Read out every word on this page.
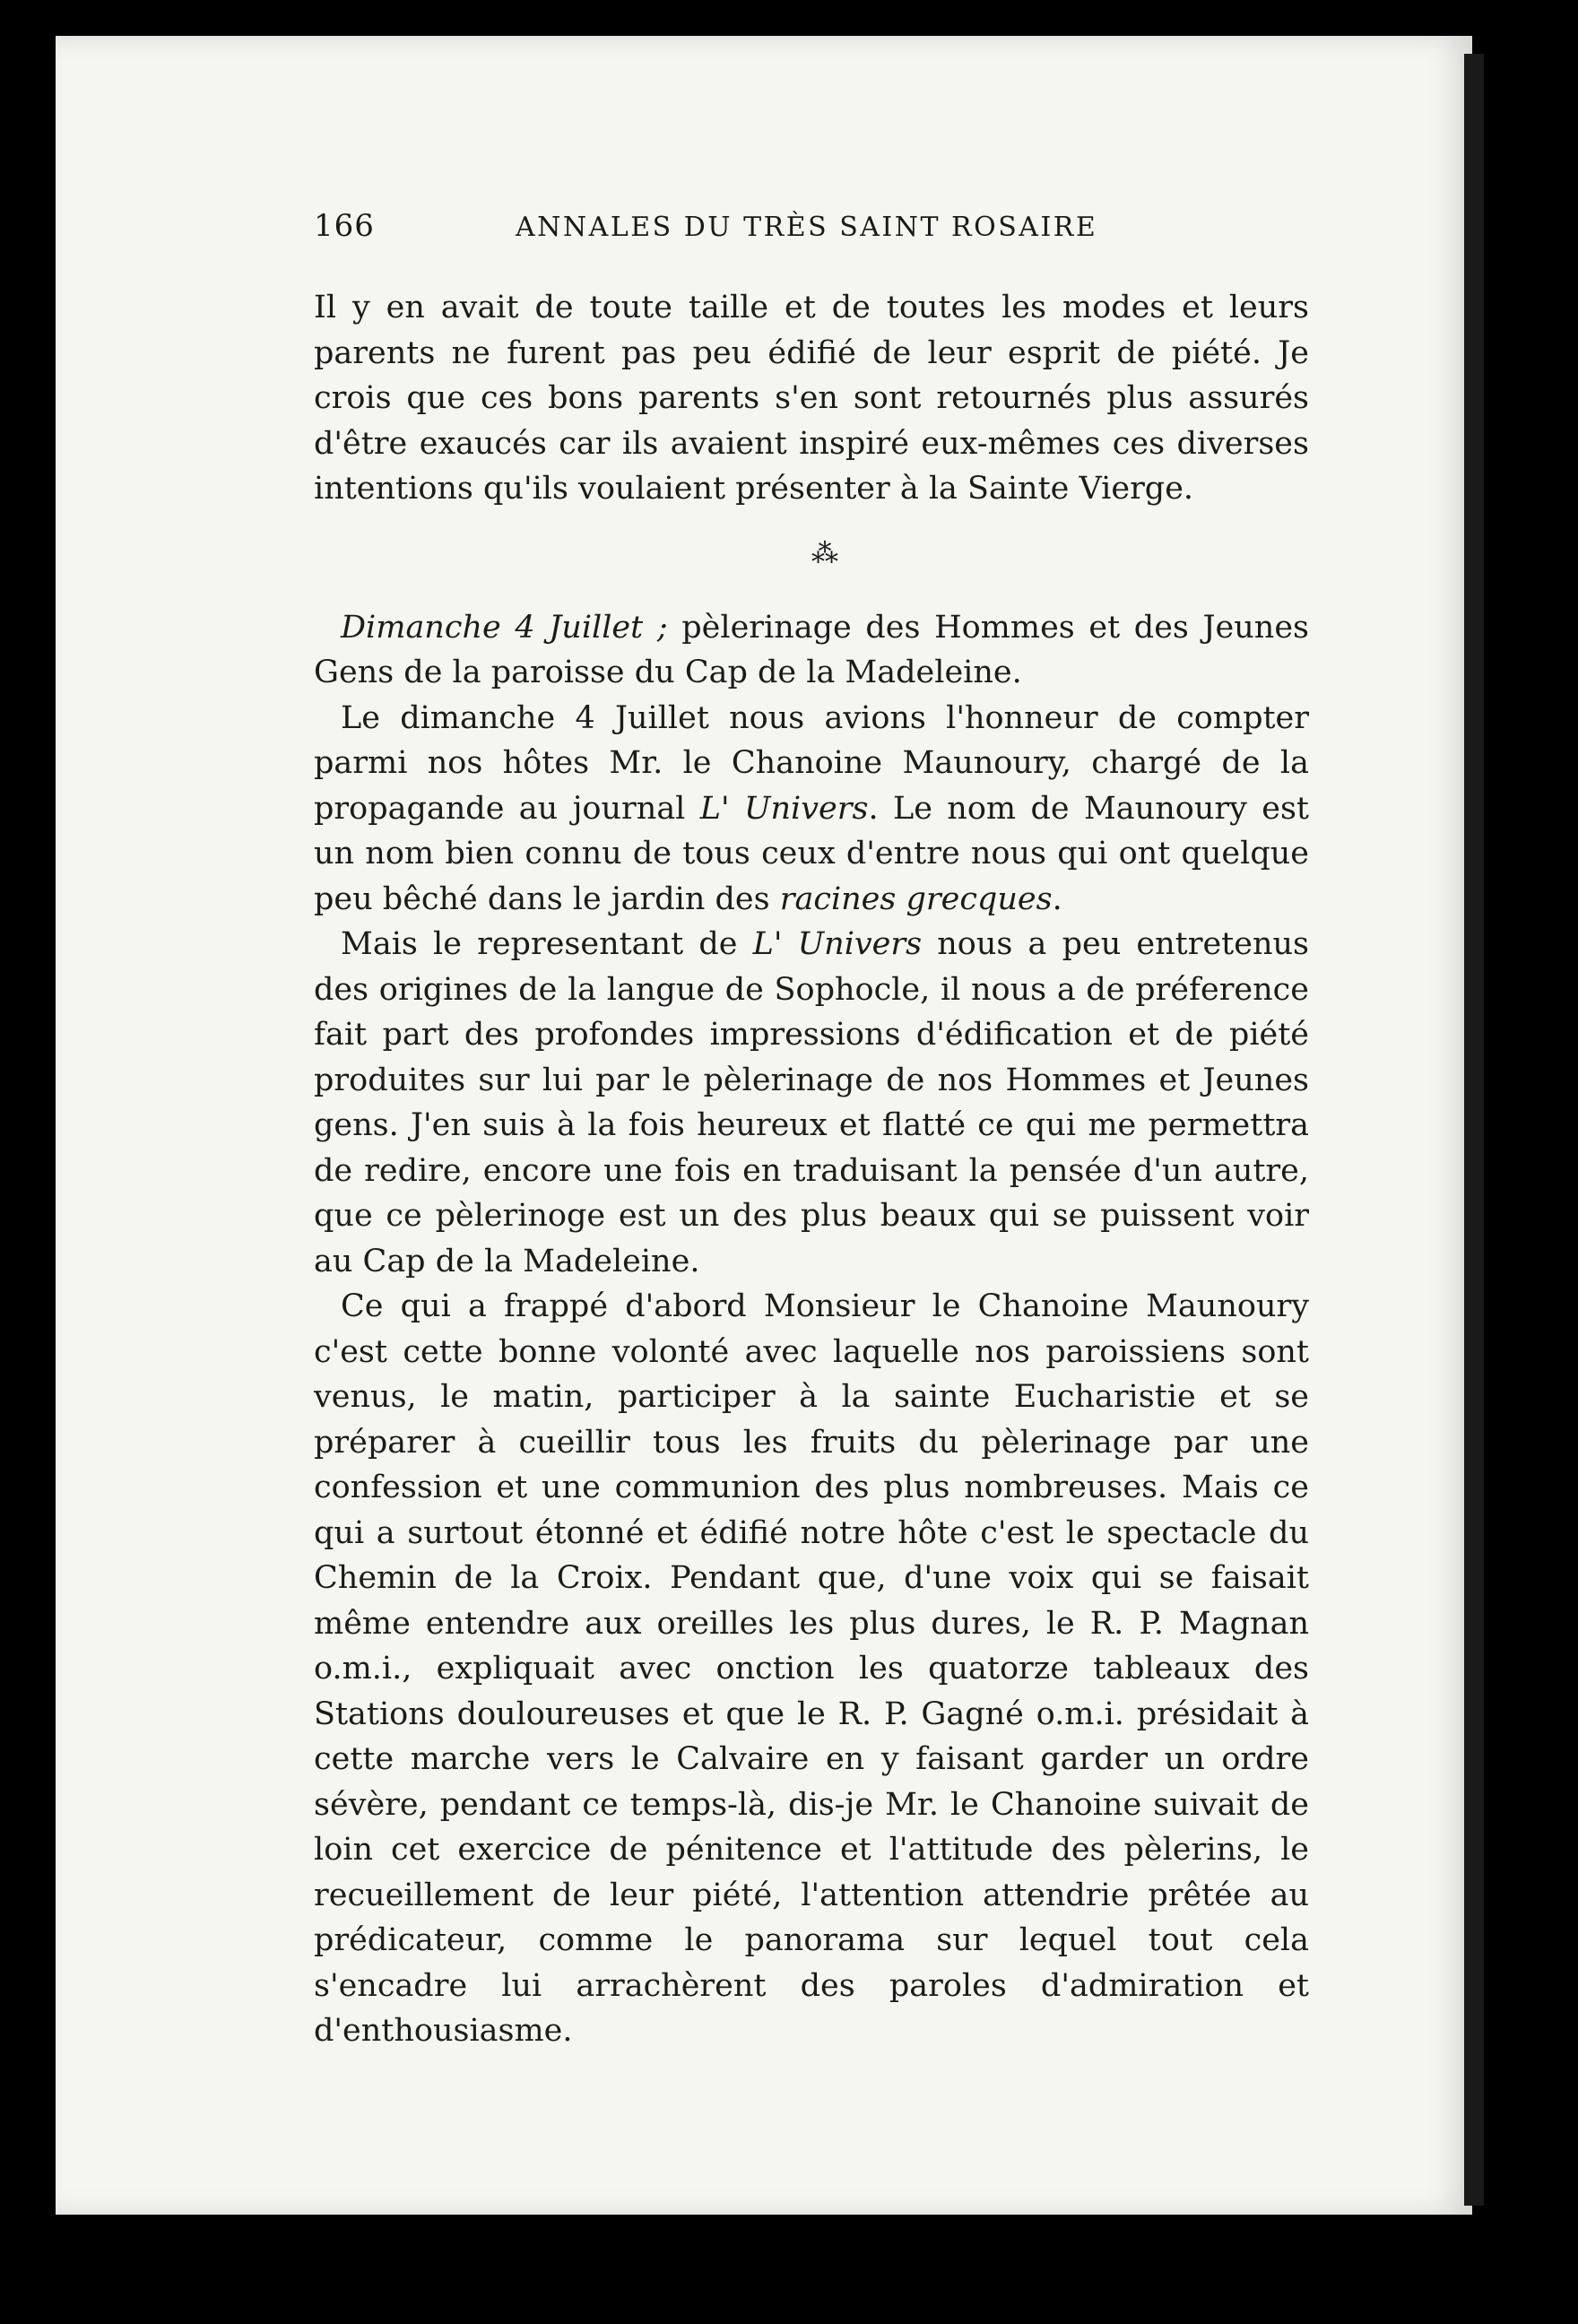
166	ANNALES DU TRÈS SAINT ROSAIRE

Il y en avait de toute taille et de toutes les modes et leurs parents ne furent pas peu édifié de leur esprit de piété. Je crois que ces bons parents s'en sont retournés plus assurés d'être exaucés car ils avaient inspiré eux-mêmes ces diverses intentions qu'ils voulaient présenter à la Sainte Vierge.

⁂

Dimanche 4 Juillet ; pèlerinage des Hommes et des Jeunes Gens de la paroisse du Cap de la Madeleine.

Le dimanche 4 Juillet nous avions l'honneur de compter parmi nos hôtes Mr. le Chanoine Maunoury, chargé de la propagande au journal L' Univers. Le nom de Maunoury est un nom bien connu de tous ceux d'entre nous qui ont quelque peu bêché dans le jardin des racines grecques.

Mais le representant de L' Univers nous a peu entretenus des origines de la langue de Sophocle, il nous a de préference fait part des profondes impressions d'édification et de piété produites sur lui par le pèlerinage de nos Hommes et Jeunes gens. J'en suis à la fois heureux et flatté ce qui me permettra de redire, encore une fois en traduisant la pensée d'un autre, que ce pèlerinoge est un des plus beaux qui se puissent voir au Cap de la Madeleine.

Ce qui a frappé d'abord Monsieur le Chanoine Maunoury c'est cette bonne volonté avec laquelle nos paroissiens sont venus, le matin, participer à la sainte Eucharistie et se préparer à cueillir tous les fruits du pèlerinage par une confession et une communion des plus nombreuses. Mais ce qui a surtout étonné et édifié notre hôte c'est le spectacle du Chemin de la Croix. Pendant que, d'une voix qui se faisait même entendre aux oreilles les plus dures, le R. P. Magnan o.m.i., expliquait avec onction les quatorze tableaux des Stations douloureuses et que le R. P. Gagné o.m.i. présidait à cette marche vers le Calvaire en y faisant garder un ordre sévère, pendant ce temps-là, dis-je Mr. le Chanoine suivait de loin cet exercice de pénitence et l'attitude des pèlerins, le recueillement de leur piété, l'attention attendrie prêtée au prédicateur, comme le panorama sur lequel tout cela s'encadre lui arrachèrent des paroles d'admiration et d'enthousiasme.
